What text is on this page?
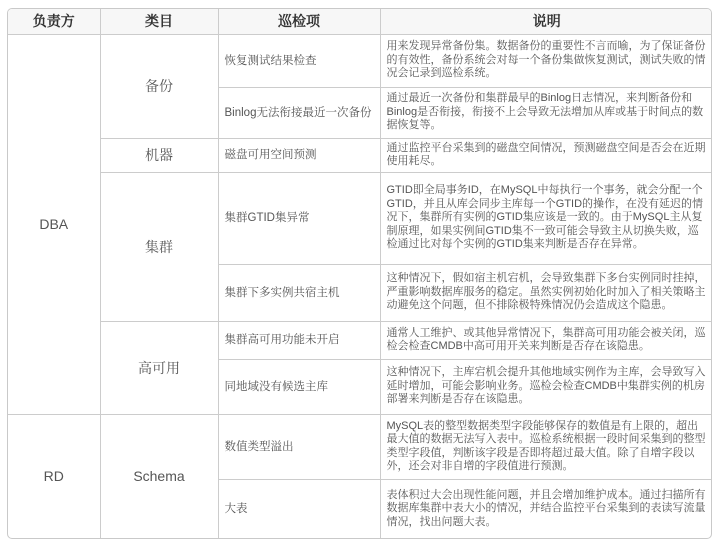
负责方	类目	巡检项	说明
DBA	备份	恢复测试结果检查	用来发现异常备份集。数据备份的重要性不言而喻，为了保证备份的有效性，备份系统会对每一个备份集做恢复测试，测试失败的情况会记录到巡检系统。
		Binlog无法衔接最近一次备份	通过最近一次备份和集群最早的Binlog日志情况，来判断备份和Binlog是否衔接，衔接不上会导致无法增加从库或基于时间点的数据恢复等。
	机器	磁盘可用空间预测	通过监控平台采集到的磁盘空间情况，预测磁盘空间是否会在近期使用耗尽。
	集群	集群GTID集异常	GTID即全局事务ID，在MySQL中每执行一个事务，就会分配一个GTID，并且从库会同步主库每一个GTID的操作，在没有延迟的情况下，集群所有实例的GTID集应该是一致的。由于MySQL主从复制原理，如果实例间GTID集不一致可能会导致主从切换失败，巡检通过比对每个实例的GTID集来判断是否存在异常。
		集群下多实例共宿主机	这种情况下，假如宿主机宕机，会导致集群下多台实例同时挂掉，严重影响数据库服务的稳定。虽然实例初始化时加入了相关策略主动避免这个问题，但不排除极特殊情况仍会造成这个隐患。
	高可用	集群高可用功能未开启	通常人工维护、或其他异常情况下，集群高可用功能会被关闭，巡检会检查CMDB中高可用开关来判断是否存在该隐患。
		同地域没有候选主库	这种情况下，主库宕机会提升其他地域实例作为主库，会导致写入延时增加，可能会影响业务。巡检会检查CMDB中集群实例的机房部署来判断是否存在该隐患。
RD	Schema	数值类型溢出	MySQL表的整型数据类型字段能够保存的数值是有上限的，超出最大值的数据无法写入表中。巡检系统根据一段时间采集到的整型类型字段值，判断该字段是否即将超过最大值。除了自增字段以外，还会对非自增的字段值进行预测。
		大表	表体积过大会出现性能问题，并且会增加维护成本。通过扫描所有数据库集群中表大小的情况，并结合监控平台采集到的表读写流量情况，找出问题大表。
